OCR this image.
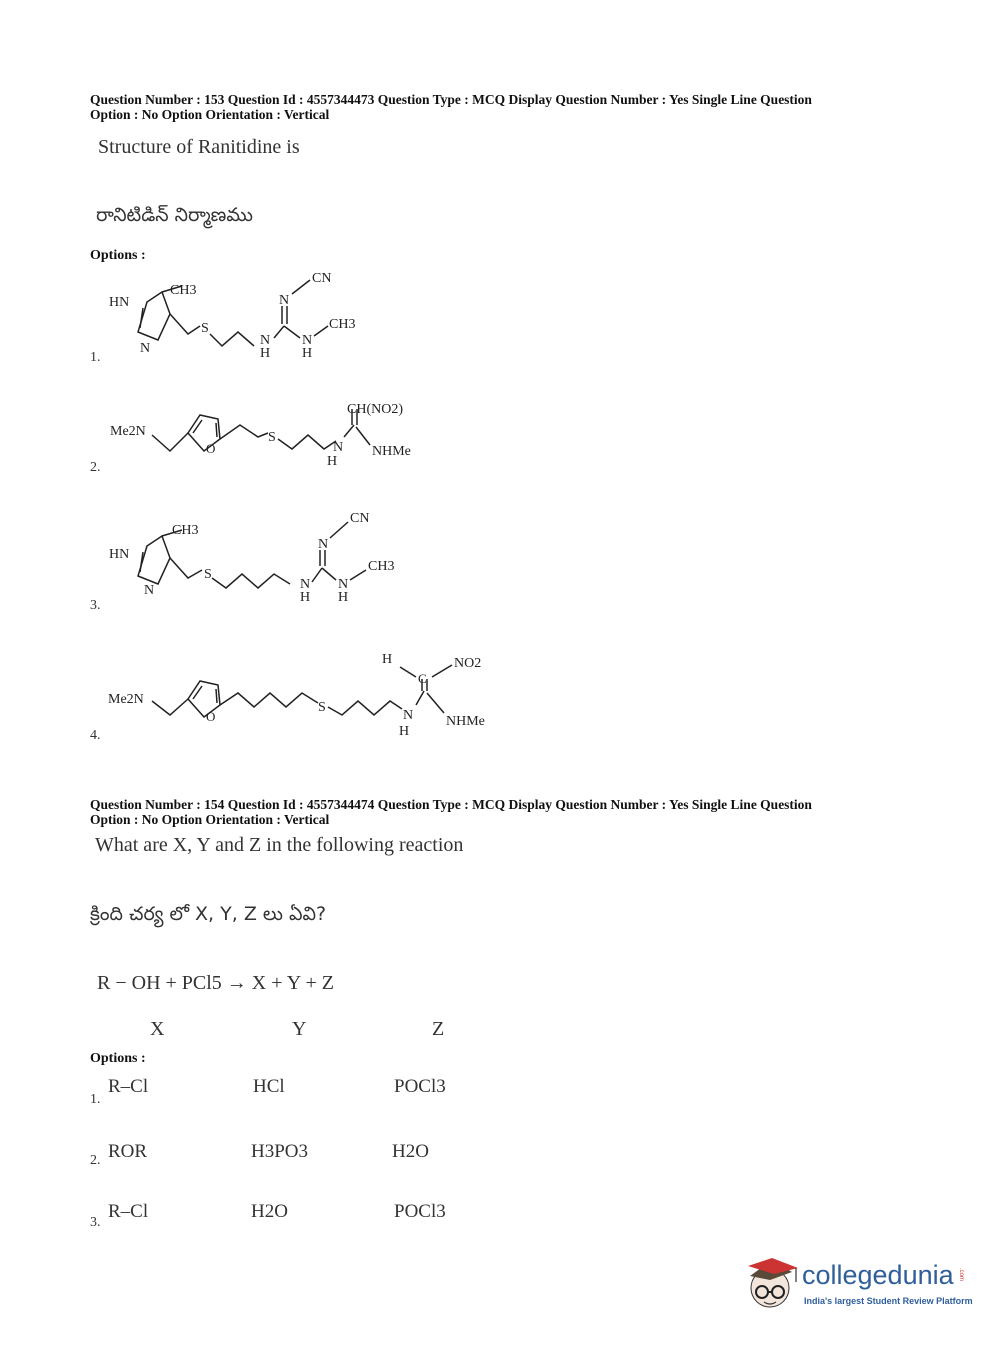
Question Number : 153 Question Id : 4557344473 Question Type : MCQ Display Question Number : Yes Single Line Question
Option : No Option Orientation : Vertical
Structure of Ranitidine is
రానిటిడిన్ నిర్మాణము
Options :
1.
HN
CH3
N
S
N
H
N
H
N
CN
CH3
2.
Me2N
O
S
N
H
CH(NO2)
NHMe
3.
HN
CH3
N
S
N
H
N
H
N
CN
CH3
4.
Me2N
O
S
N
H
C
H	NO2
NHMe
Question Number : 154 Question Id : 4557344474 Question Type : MCQ Display Question Number : Yes Single Line Question
Option : No Option Orientation : Vertical
What are X, Y and Z in the following reaction
క్రింది చర్య లో X, Y, Z లు ఏవి?
R − OH + PCl5 → X + Y + Z
X	Y	Z
Options :
1.
R–Cl	HCl	POCl3
2. ROR	H3PO3	H2O
3.
R–Cl	H2O	POCl3
collegedunia .com
India's largest Student Review Platform
